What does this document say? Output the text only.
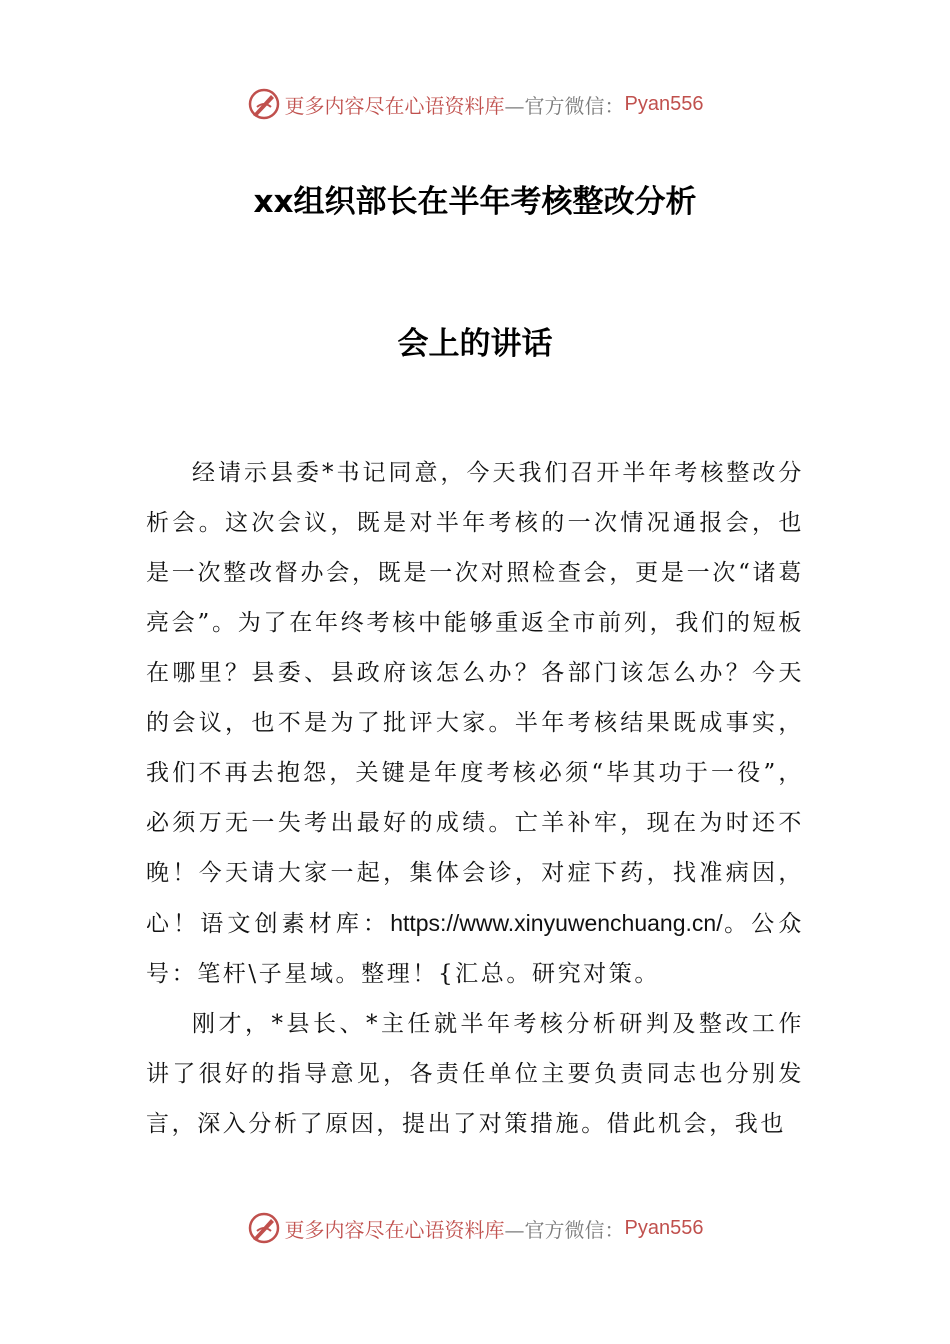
更多内容尽在心语资料库 —官方微信： Pyan556
xx组织部长在半年考核整改分析
会上的讲话

经请示县委*书记同意，今天我们召开半年考核整改分析会。这次会议，既是对半年考核的一次情况通报会，也是一次整改督办会，既是一次对照检查会，更是一次“诸葛亮会”。为了在年终考核中能够重返全市前列，我们的短板在哪里？县委、县政府该怎么办？各部门该怎么办？今天的会议，也不是为了批评大家。半年考核结果既成事实，我们不再去抱怨，关键是年度考核必须“毕其功于一役”，必须万无一失考出最好的成绩。亡羊补牢，现在为时还不晚！今天请大家一起，集体会诊，对症下药，找准病因，心！语文创素材库：https://www.xinyuwenchuang.cn/。公众号：笔杆\子星域。整理！{汇总。研究对策。

刚才，*县长、*主任就半年考核分析研判及整改工作讲了很好的指导意见，各责任单位主要负责同志也分别发言，深入分析了原因，提出了对策措施。借此机会，我也

更多内容尽在心语资料库 —官方微信： Pyan556
